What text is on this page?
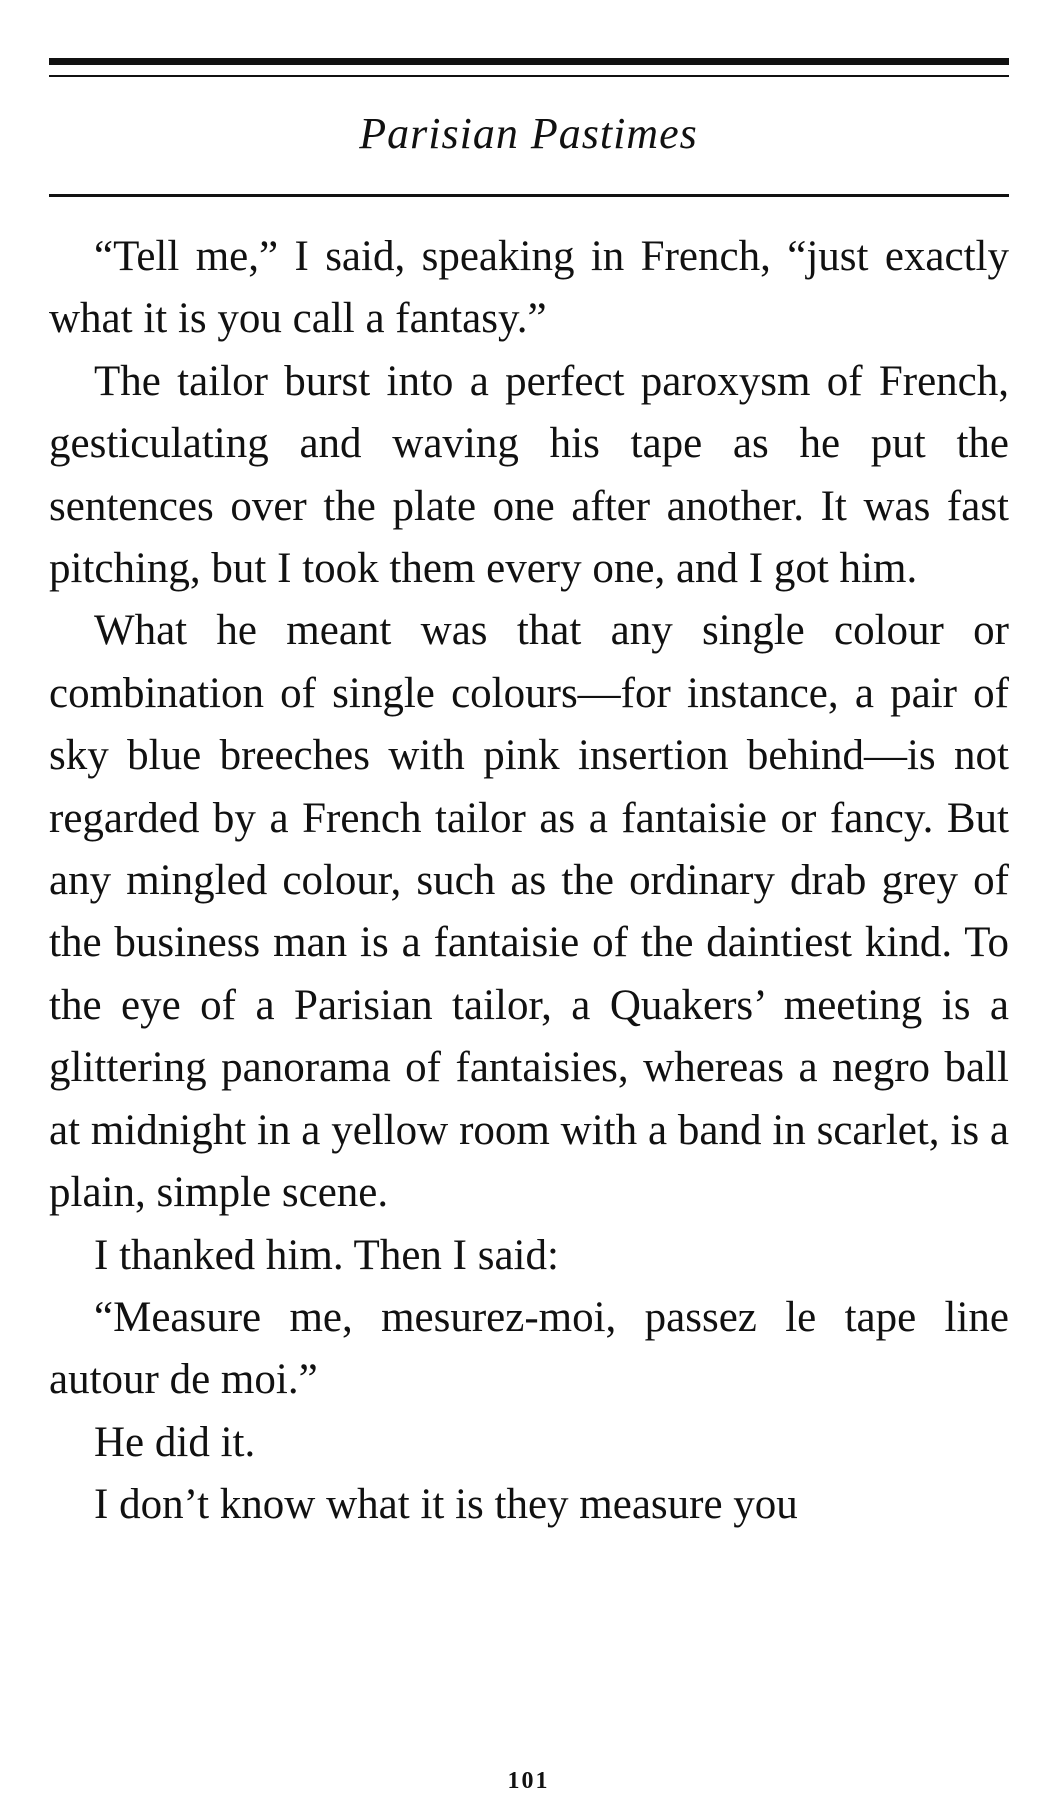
Parisian Pastimes

“Tell me,” I said, speaking in French, “just exactly what it is you call a fantasy.”

The tailor burst into a perfect paroxysm of French, gesticulating and waving his tape as he put the sentences over the plate one after another. It was fast pitching, but I took them every one, and I got him.

What he meant was that any single colour or combination of single colours—for instance, a pair of sky blue breeches with pink insertion behind—is not regarded by a French tailor as a fantaisie or fancy. But any mingled colour, such as the ordinary drab grey of the business man is a fantaisie of the daintiest kind. To the eye of a Parisian tailor, a Quakers’ meeting is a glittering panorama of fantaisies, whereas a negro ball at midnight in a yellow room with a band in scarlet, is a plain, simple scene.

I thanked him. Then I said:

“Measure me, mesurez-moi, passez le tape line autour de moi.”

He did it.

I don’t know what it is they measure you

101
